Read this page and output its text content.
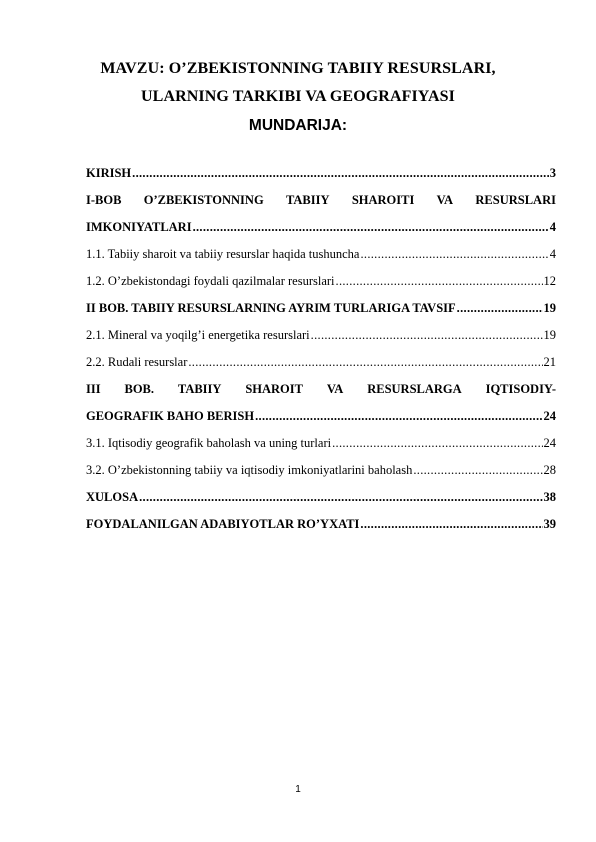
MAVZU: O’ZBEKISTONNING TABIIY RESURSLARI,
ULARNING TARKIBI VA GEOGRAFIYASI
MUNDARIJA:
KIRISH .....	3
I-BOB O’ZBEKISTONNING TABIIY SHAROITI VA RESURSLARI
IMKONIYATLARI .....	4
1.1. Tabiiy sharoit va tabiiy resurslar haqida tushuncha .....	4
1.2. O’zbekistondagi foydali qazilmalar resurslari .....	12
II BOB. TABIIY RESURSLARNING AYRIM TURLARIGA TAVSIF .....	19
2.1. Mineral va yoqilg’i energetika resurslari .....	19
2.2. Rudali resurslar .....	21
III BOB. TABIIY SHAROIT VA RESURSLARGA IQTISODIY-
GEOGRAFIK BAHO BERISH .....	24
3.1. Iqtisodiy geografik baholash va uning turlari .....	24
3.2. O’zbekistonning tabiiy va iqtisodiy imkoniyatlarini baholash .....	28
XULOSA .....	38
FOYDALANILGAN ADABIYOTLAR RO’YXATI .....	39
1
